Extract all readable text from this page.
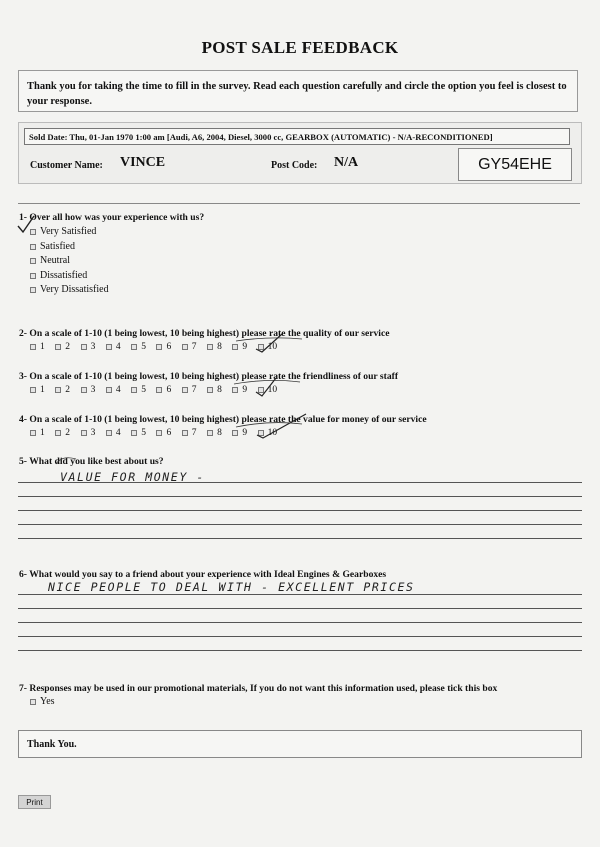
POST SALE FEEDBACK
Thank you for taking the time to fill in the survey. Read each question carefully and circle the option you feel is closest to your response.
Sold Date: Thu, 01-Jan 1970 1:00 am [Audi, A6, 2004, Diesel, 3000 cc, GEARBOX (AUTOMATIC) - N/A-RECONDITIONED]
Customer Name: VINCE	Post Code: N/A	GY54EHE
1- Over all how was your experience with us?
Very Satisfied
Satisfied
Neutral
Dissatisfied
Very Dissatisfied
2- On a scale of 1-10 (1 being lowest, 10 being highest) please rate the quality of our service
1 2 3 4 5 6 7 8 9 10
3- On a scale of 1-10 (1 being lowest, 10 being highest) please rate the friendliness of our staff
1 2 3 4 5 6 7 8 9 10
4- On a scale of 1-10 (1 being lowest, 10 being highest) please rate the value for money of our service
1 2 3 4 5 6 7 8 9 10
5- What did you like best about us?
VALUE FOR MONEY -
6- What would you say to a friend about your experience with Ideal Engines & Gearboxes
NICE PEOPLE TO DEAL WITH - EXCELLENT PRICES
7- Responses may be used in our promotional materials, If you do not want this information used, please tick this box
Yes
Thank You.
Print
